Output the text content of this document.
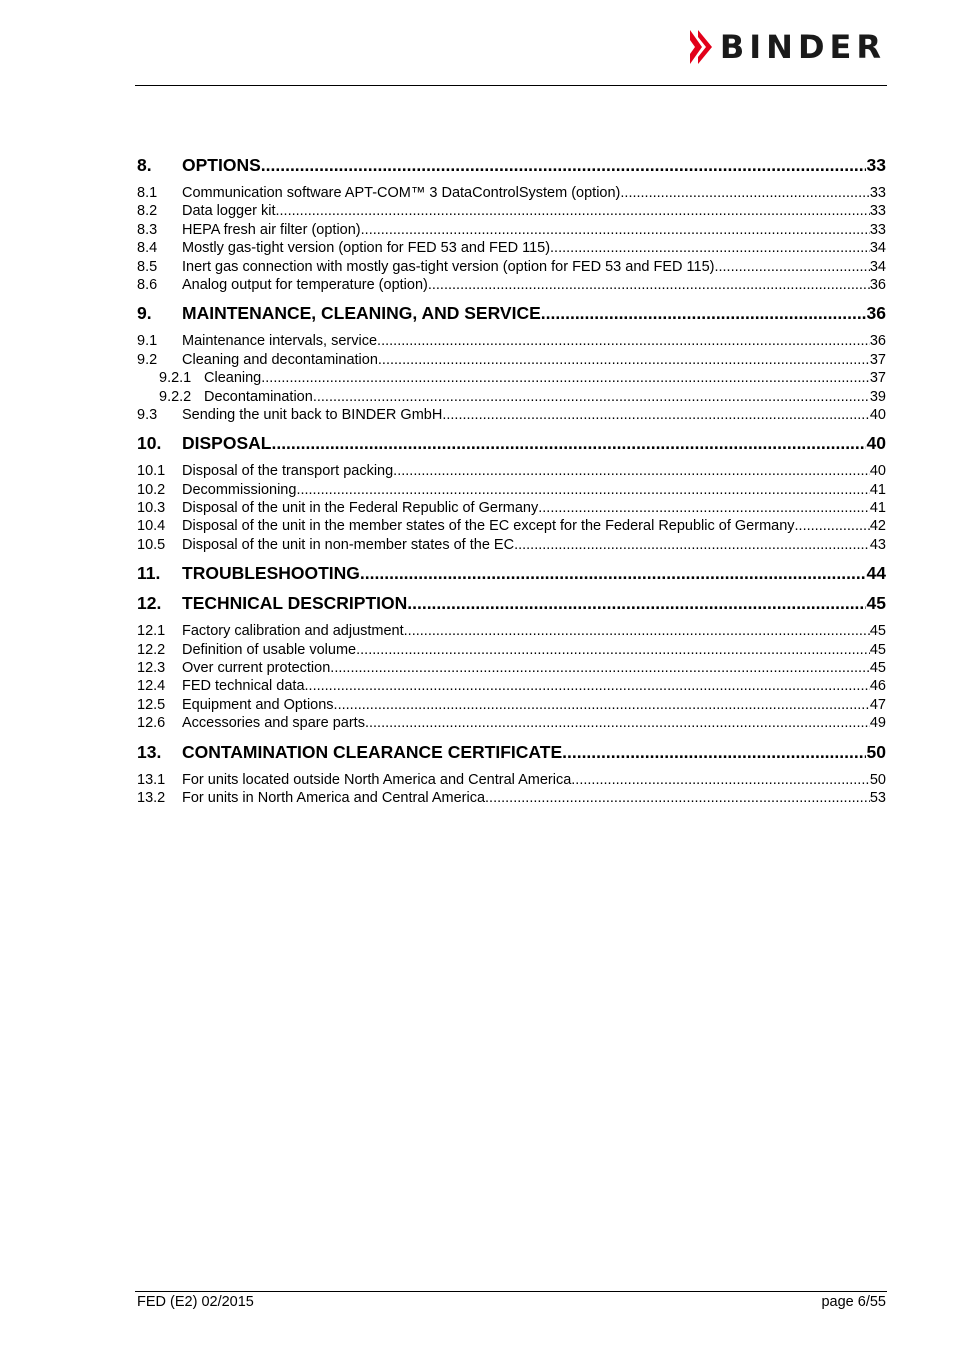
BINDER
8.	OPTIONS .....	33
8.1	Communication software APT-COM™ 3 DataControlSystem (option) .....	33
8.2	Data logger kit .....	33
8.3	HEPA fresh air filter (option) .....	33
8.4	Mostly gas-tight version (option for FED 53 and FED 115) .....	34
8.5	Inert gas connection with mostly gas-tight version (option for FED 53 and FED 115) .....	34
8.6	Analog output for temperature (option) .....	36
9.	MAINTENANCE, CLEANING, AND SERVICE .....	36
9.1	Maintenance intervals, service .....	36
9.2	Cleaning and decontamination .....	37
9.2.1 Cleaning .....	37
9.2.2 Decontamination .....	39
9.3	Sending the unit back to BINDER GmbH .....	40
10.	DISPOSAL .....	40
10.1	Disposal of the transport packing .....	40
10.2	Decommissioning .....	41
10.3	Disposal of the unit in the Federal Republic of Germany .....	41
10.4	Disposal of the unit in the member states of the EC except for the Federal Republic of Germany .....	42
10.5	Disposal of the unit in non-member states of the EC .....	43
11.	TROUBLESHOOTING .....	44
12.	TECHNICAL DESCRIPTION .....	45
12.1	Factory calibration and adjustment .....	45
12.2	Definition of usable volume .....	45
12.3	Over current protection .....	45
12.4	FED technical data .....	46
12.5	Equipment and Options .....	47
12.6	Accessories and spare parts .....	49
13.	CONTAMINATION CLEARANCE CERTIFICATE .....	50
13.1	For units located outside North America and Central America .....	50
13.2	For units in North America and Central America .....	53
FED (E2) 02/2015	page 6/55
